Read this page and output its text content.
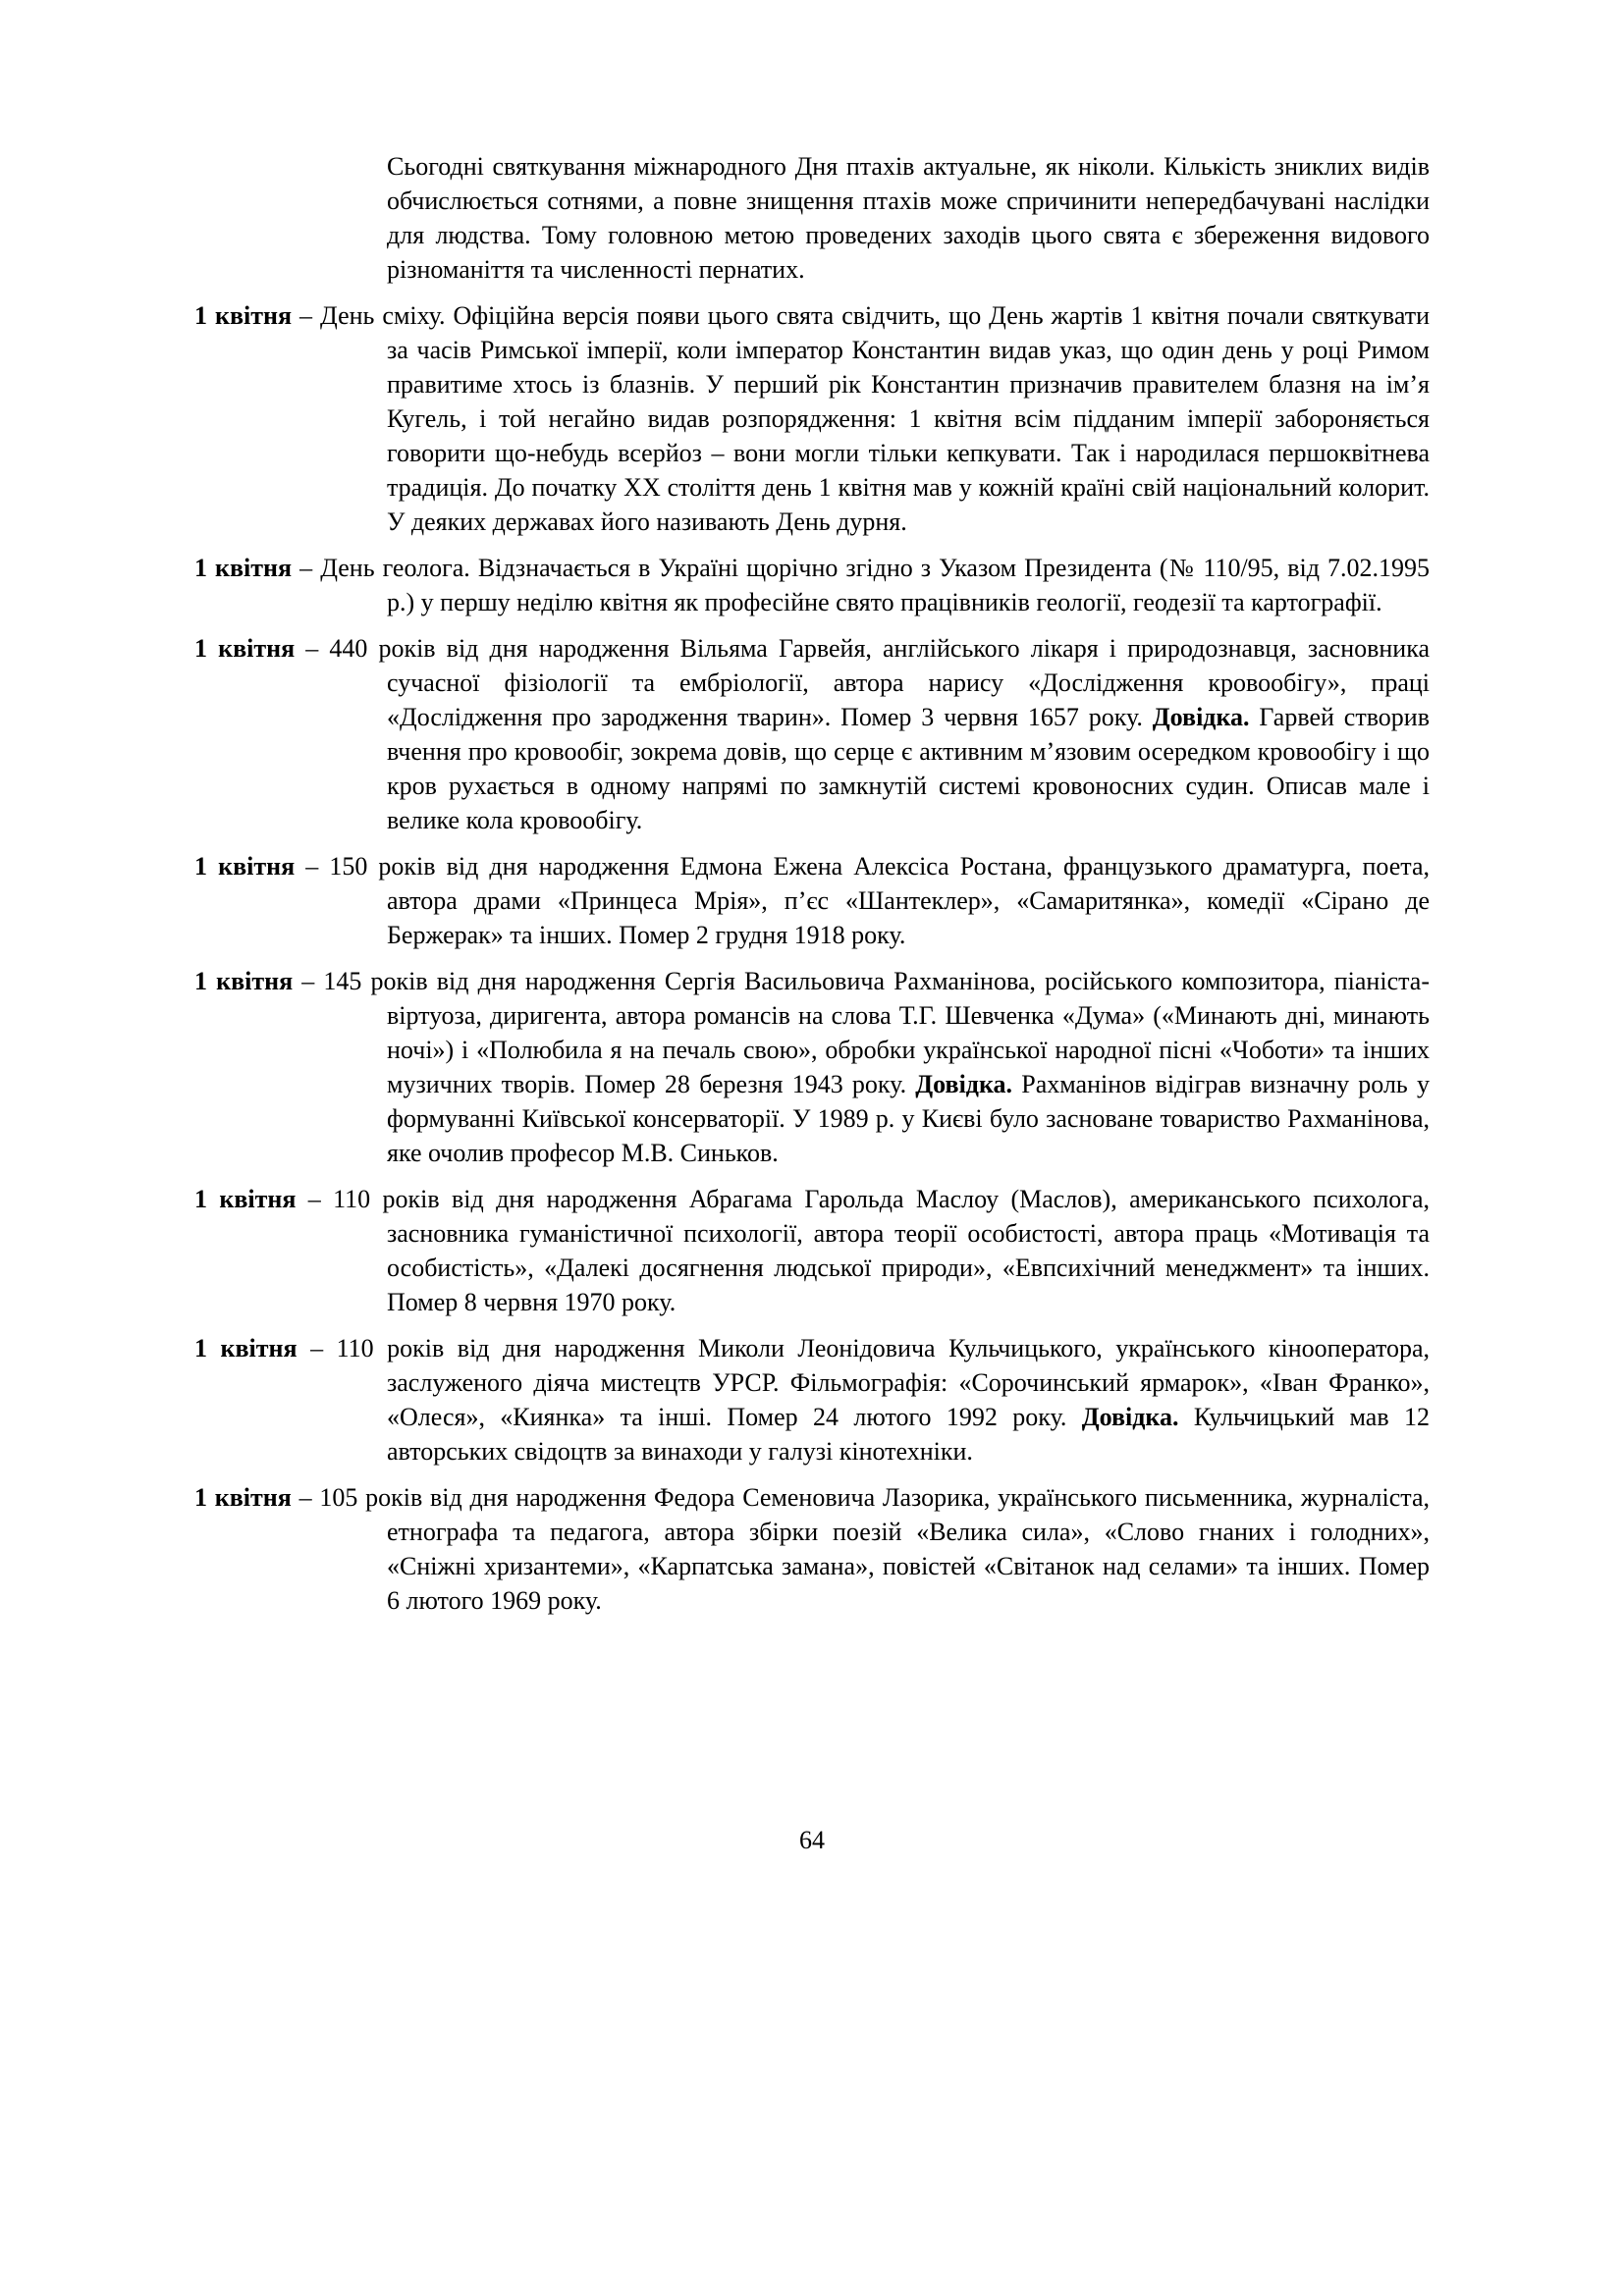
Сьогодні святкування міжнародного Дня птахів актуальне, як ніколи. Кількість зниклих видів обчислюється сотнями, а повне знищення птахів може спричинити непередбачувані наслідки для людства. Тому головною метою проведених заходів цього свята є збереження видового різноманіття та численності пернатих.

1 квітня – День сміху. Офіційна версія появи цього свята свідчить, що День жартів 1 квітня почали святкувати за часів Римської імперії, коли імператор Константин видав указ, що один день у році Римом правитиме хтось із блазнів. У перший рік Константин призначив правителем блазня на ім’я Кугель, і той негайно видав розпорядження: 1 квітня всім підданим імперії забороняється говорити що-небудь всерйоз – вони могли тільки кепкувати. Так і народилася першоквітнева традиція. До початку ХХ століття день 1 квітня мав у кожній країні свій національний колорит. У деяких державах його називають День дурня.

1 квітня – День геолога. Відзначається в Україні щорічно згідно з Указом Президента (№ 110/95, від 7.02.1995 р.) у першу неділю квітня як професійне свято працівників геології, геодезії та картографії.

1 квітня – 440 років від дня народження Вільяма Гарвейя, англійського лікаря і природознавця, засновника сучасної фізіології та ембріології, автора нарису «Дослідження кровообігу», праці «Дослідження про зародження тварин». Помер 3 червня 1657 року. Довідка. Гарвей створив вчення про кровообіг, зокрема довів, що серце є активним м’язовим осередком кровообігу і що кров рухається в одному напрямі по замкнутій системі кровоносних судин. Описав мале і велике кола кровообігу.

1 квітня – 150 років від дня народження Едмона Ежена Алексіса Ростана, французького драматурга, поета, автора драми «Принцеса Мрія», п’єс «Шантеклер», «Самаритянка», комедії «Сірано де Бержерак» та інших. Помер 2 грудня 1918 року.

1 квітня – 145 років від дня народження Сергія Васильовича Рахманінова, російського композитора, піаніста-віртуоза, диригента, автора романсів на слова Т.Г. Шевченка «Дума» («Минають дні, минають ночі») і «Полюбила я на печаль свою», обробки української народної пісні «Чоботи» та інших музичних творів. Помер 28 березня 1943 року. Довідка. Рахманінов відіграв визначну роль у формуванні Київської консерваторії. У 1989 р. у Києві було засноване товариство Рахманінова, яке очолив професор М.В. Синьков.

1 квітня – 110 років від дня народження Абрагама Гарольда Маслоу (Маслов), американського психолога, засновника гуманістичної психології, автора теорії особистості, автора праць «Мотивація та особистість», «Далекі досягнення людської природи», «Евпсихічний менеджмент» та інших. Помер 8 червня 1970 року.

1 квітня – 110 років від дня народження Миколи Леонідовича Кульчицького, українського кінооператора, заслуженого діяча мистецтв УРСР. Фільмографія: «Сорочинський ярмарок», «Іван Франко», «Олеся», «Киянка» та інші. Помер 24 лютого 1992 року. Довідка. Кульчицький мав 12 авторських свідоцтв за винаходи у галузі кінотехніки.

1 квітня – 105 років від дня народження Федора Семеновича Лазорика, українського письменника, журналіста, етнографа та педагога, автора збірки поезій «Велика сила», «Слово гнаних і голодних», «Сніжні хризантеми», «Карпатська замана», повістей «Світанок над селами» та інших. Помер 6 лютого 1969 року.

64
